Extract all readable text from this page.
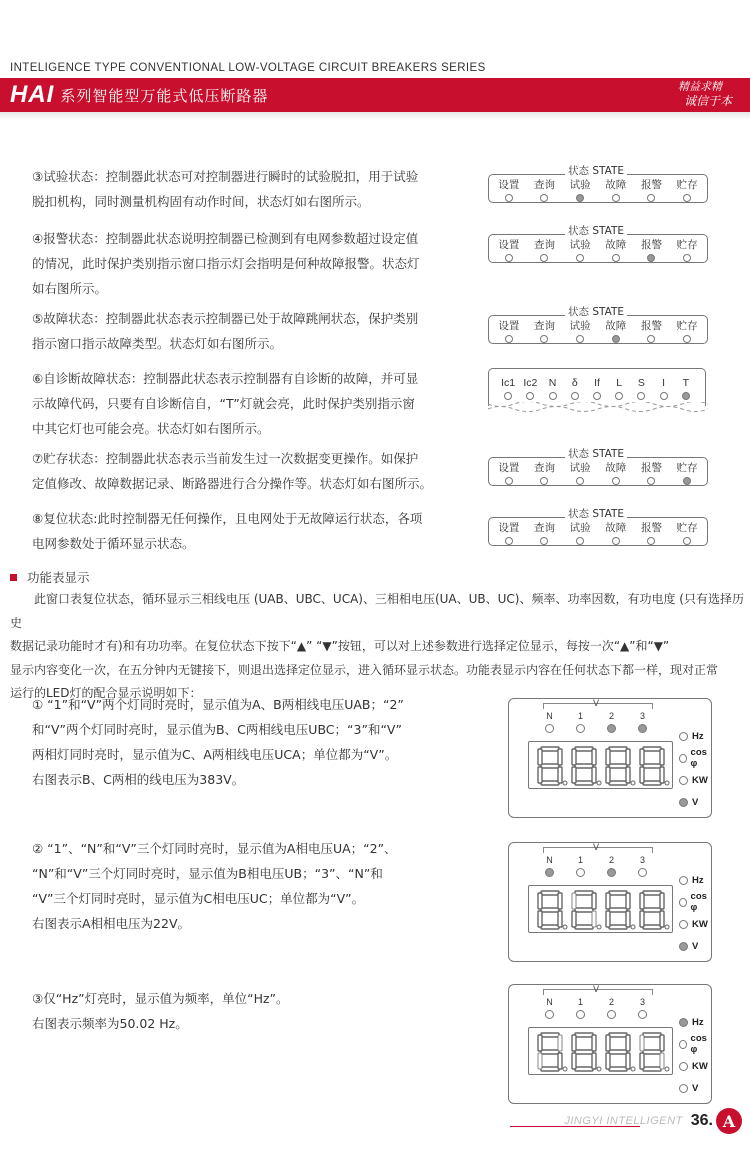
INTELIGENCE TYPE CONVENTIONAL LOW-VOLTAGE CIRCUIT BREAKERS SERIES
HAI 系列智能型万能式低压断路器	精益求精
诚信于本
③试验状态：控制器此状态可对控制器进行瞬时的试验脱扣，用于试验
脱扣机构，同时测量机构固有动作时间，状态灯如右图所示。
④报警状态：控制器此状态说明控制器已检测到有电网参数超过设定值
的情况，此时保护类别指示窗口指示灯会指明是何种故障报警。状态灯
如右图所示。
⑤故障状态：控制器此状态表示控制器已处于故障跳闸状态，保护类别
指示窗口指示故障类型。状态灯如右图所示。
⑥自诊断故障状态：控制器此状态表示控制器有自诊断的故障，并可显
示故障代码，只要有自诊断信自，“T”灯就会亮，此时保护类别指示窗
中其它灯也可能会亮。状态灯如右图所示。
⑦贮存状态：控制器此状态表示当前发生过一次数据变更操作。如保护
定值修改、故障数据记录、断路器进行合分操作等。状态灯如右图所示。
⑧复位状态:此时控制器无任何操作，且电网处于无故障运行状态，各项
电网参数处于循环显示状态。
状态 STATE
设置 查询 试验 故障 报警 贮存
状态 STATE
设置 查询 试验 故障 报警 贮存
状态 STATE
设置 查询 试验 故障 报警 贮存
状态 STATE
设置 查询 试验 故障 报警 贮存
状态 STATE
设置 查询 试验 故障 报警 贮存
Ic1 Ic2 N δ If L S I T
功能表显示
　　此窗口表复位状态，循环显示三相线电压 (UAB、UBC、UCA)、三相相电压(UA、UB、UC)、频率、功率因数，有功电度 (只有选择历史
数据记录功能时才有)和有功功率。在复位状态下按下“▲” “▼”按钮，可以对上述参数进行选择定位显示，每按一次“▲”和“▼”
显示内容变化一次，在五分钟内无键接下，则退出选择定位显示，进入循环显示状态。功能表显示内容在任何状态下都一样，现对正常
运行的LED灯的配合显示说明如下：
① “1”和“V”两个灯同时亮时，显示值为A、B两相线电压UAB；“2”
和“V”两个灯同时亮时，显示值为B、C两相线电压UBC；“3”和“V”
两相灯同时亮时，显示值为C、A两相线电压UCA；单位都为“V”。
右图表示B、C两相的线电压为383V。
② “1”、“N”和“V”三个灯同时亮时，显示值为A相电压UA；“2”、
“N”和“V”三个灯同时亮时，显示值为B相电压UB；“3”、“N”和
“V”三个灯同时亮时，显示值为C相电压UC；单位都为“V”。
右图表示A相相电压为22V。
③仅“Hz”灯亮时，显示值为频率，单位“Hz”。
右图表示频率为50.02 Hz。
V
N	1	2	3
Hz
cos φ
KW
V
V
N	1	2	3
Hz
cos φ
KW
V
V
N	1	2	3
Hz
cos φ
KW
V
JINGYI INTELLIGENT 36. A
